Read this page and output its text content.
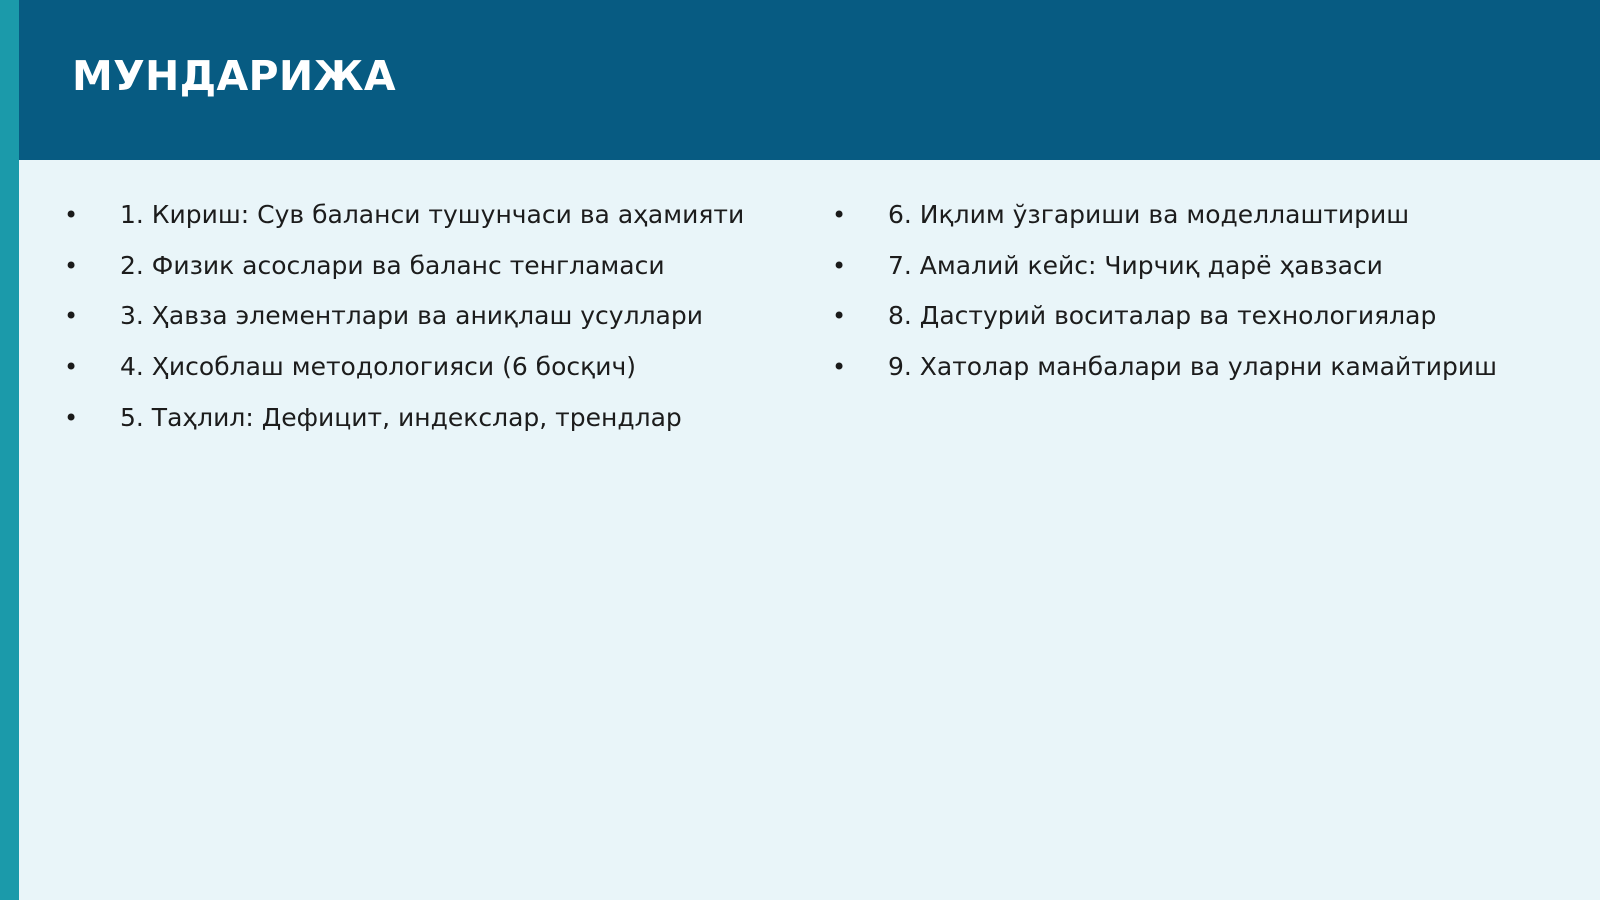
МУНДАРИЖА
•	1. Кириш: Сув баланси тушунчаси ва аҳамияти
•	2. Физик асослари ва баланс тенгламаси
•	3. Ҳавза элементлари ва аниқлаш усуллари
•	4. Ҳисоблаш методологияси (6 босқич)
•	5. Таҳлил: Дефицит, индекслар, трендлар
•	6. Иқлим ўзгариши ва моделлаштириш
•	7. Амалий кейс: Чирчиқ дарё ҳавзаси
•	8. Дастурий воситалар ва технологиялар
•	9. Хатолар манбалари ва уларни камайтириш
